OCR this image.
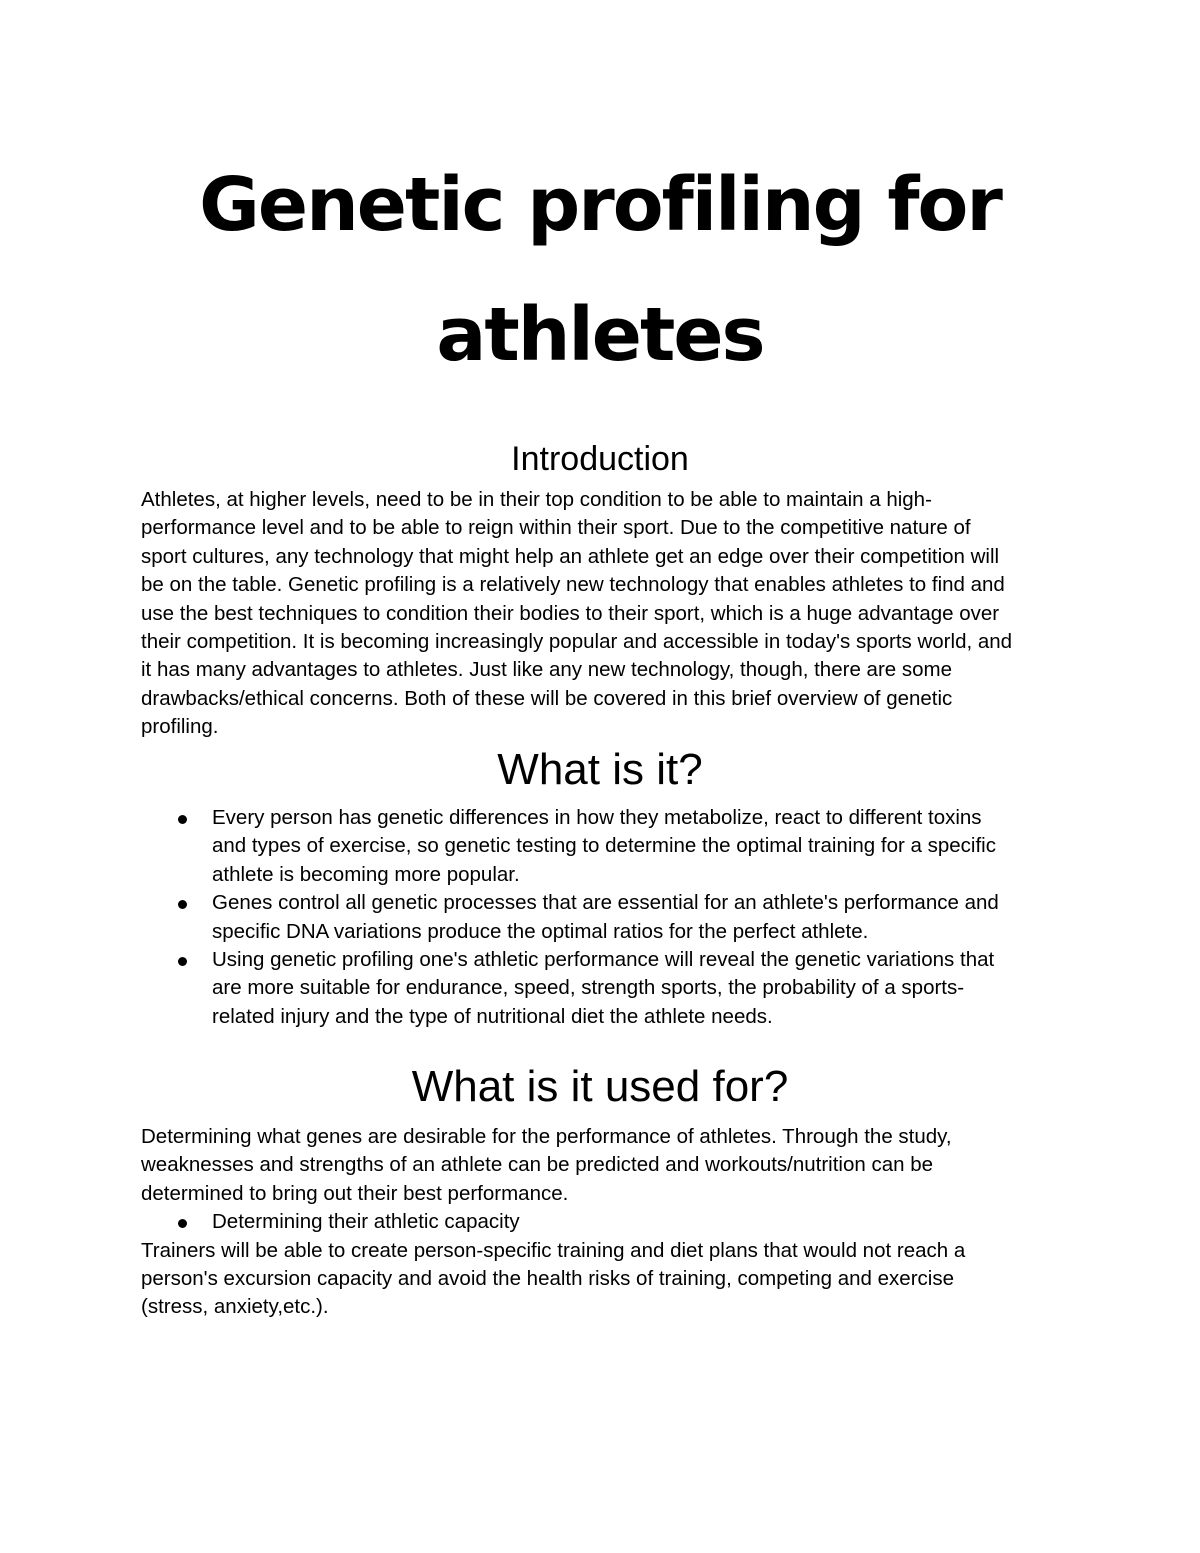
Genetic profiling for
athletes
Introduction
Athletes, at higher levels, need to be in their top condition to be able to maintain a high-
performance level and to be able to reign within their sport. Due to the competitive nature of
sport cultures, any technology that might help an athlete get an edge over their competition will
be on the table. Genetic profiling is a relatively new technology that enables athletes to find and
use the best techniques to condition their bodies to their sport, which is a huge advantage over
their competition. It is becoming increasingly popular and accessible in today's sports world, and
it has many advantages to athletes. Just like any new technology, though, there are some
drawbacks/ethical concerns. Both of these will be covered in this brief overview of genetic
profiling.
What is it?
Every person has genetic differences in how they metabolize, react to different toxins
and types of exercise, so genetic testing to determine the optimal training for a specific
athlete is becoming more popular.
Genes control all genetic processes that are essential for an athlete's performance and
specific DNA variations produce the optimal ratios for the perfect athlete.
Using genetic profiling one's athletic performance will reveal the genetic variations that
are more suitable for endurance, speed, strength sports, the probability of a sports-
related injury and the type of nutritional diet the athlete needs.
What is it used for?
Determining what genes are desirable for the performance of athletes. Through the study,
weaknesses and strengths of an athlete can be predicted and workouts/nutrition can be
determined to bring out their best performance.
Determining their athletic capacity
Trainers will be able to create person-specific training and diet plans that would not reach a
person's excursion capacity and avoid the health risks of training, competing and exercise
(stress, anxiety,etc.).
